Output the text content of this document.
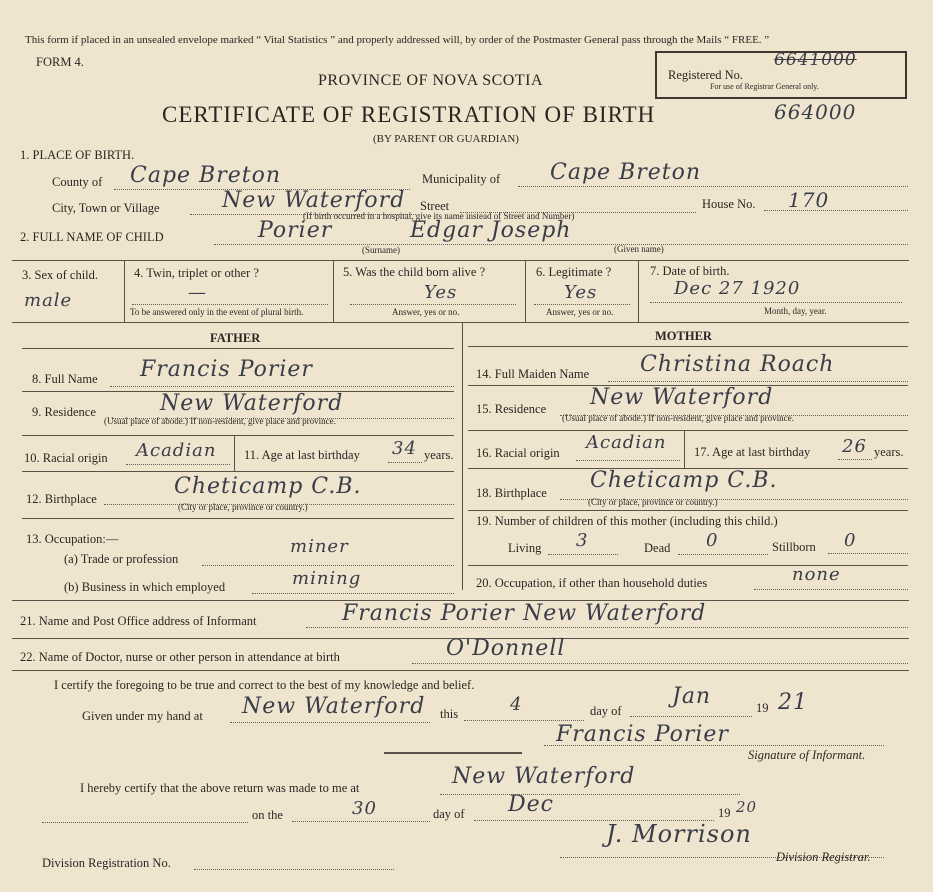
This form if placed in an unsealed envelope marked “ Vital Statistics ” and properly addressed will, by order of the Postmaster General pass through the Mails “ FREE. ”
FORM 4.
PROVINCE OF NOVA SCOTIA	Registered No.
6641000
For use of Registrar General only.
CERTIFICATE OF REGISTRATION OF BIRTH	664000
(BY PARENT OR GUARDIAN)
1. PLACE OF BIRTH.
County of Cape Breton	Municipality of Cape Breton
City, Town or Village	New Waterford Street
(If birth occurred in a hospital, give its name instead of Street and Number)
House No. 170
2. FULL NAME OF CHILD	Porier	Edgar Joseph
(Surname)	(Given name)
3. Sex of child.
male
4. Twin, triplet or other ?
—
To be answered only in the event of plural birth.
5. Was the child born alive ?
Yes
Answer, yes or no.
6. Legitimate ?
Yes
Answer, yes or no.
7. Date of birth.
Dec 27 1920
Month, day, year.
FATHER	MOTHER
8. Full Name Francis Porier
9. Residence	New Waterford
(Usual place of abode.) If non-resident, give place and province.
10. Racial origin Acadian 11. Age at last birthday 34 years.
12. Birthplace	Cheticamp C.B.
(City or place, province or country.)
13. Occupation:—
(a) Trade or profession
miner
(b) Business in which employed	mining
14. Full Maiden Name Christina Roach
15. Residence New Waterford
(Usual place of abode.) If non-resident, give place and province.
16. Racial origin Acadian 17. Age at last birthday 26 years.
18. Birthplace Cheticamp C.B.
(City or place, province or country.)
19. Number of children of this mother (including this child.)
Living 3	Dead 0	Stillborn 0
20. Occupation, if other than household duties	none
21. Name and Post Office address of Informant	Francis Porier New Waterford
22. Name of Doctor, nurse or other person in attendance at birth	O'Donnell
I certify the foregoing to be true and correct to the best of my knowledge and belief.
Given under my hand at New Waterford this	4	day of
Jan	19 21
Francis Porier
Signature of Informant.
I hereby certify that the above return was made to me at	New Waterford
on the	30	day of Dec	19 20
Division Registration No.
J. Morrison
Division Registrar.
